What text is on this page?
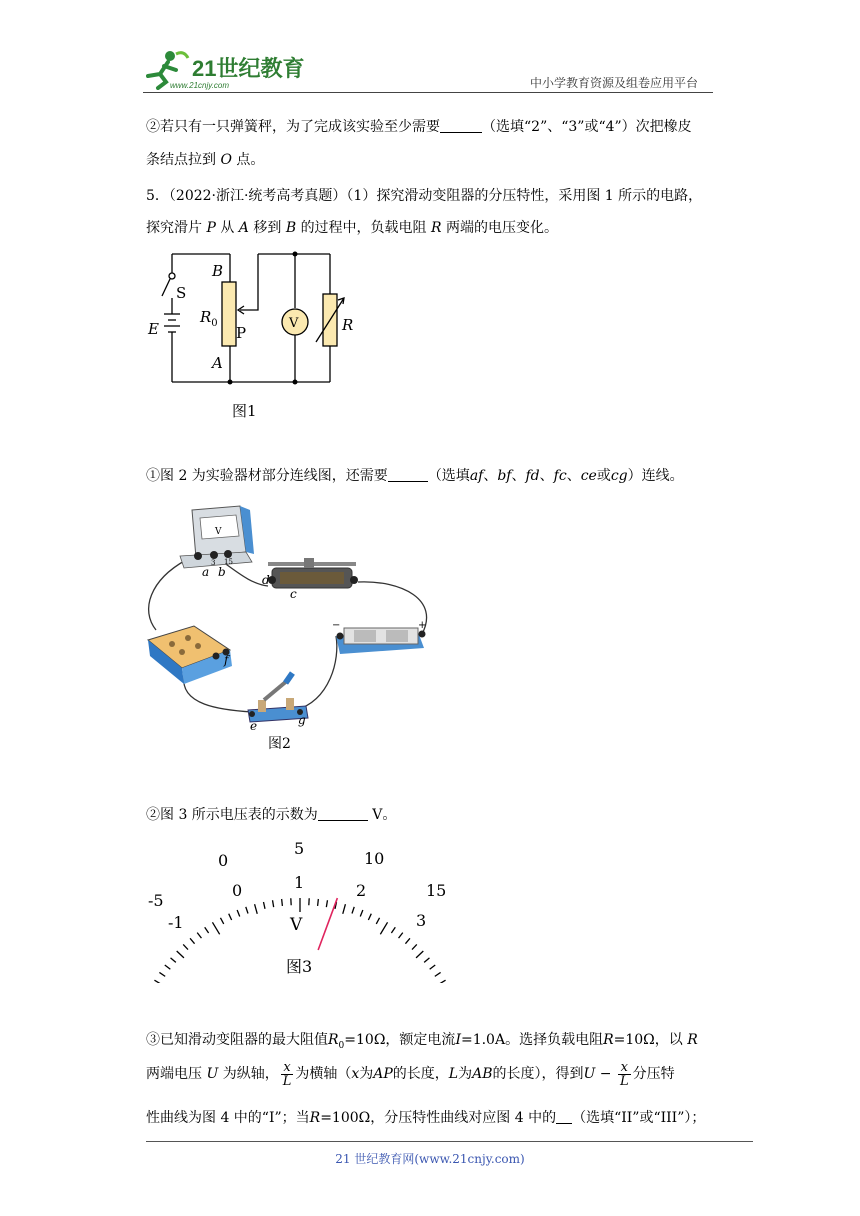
21世纪教育
www.21cnjy.com	中小学教育资源及组卷应用平台
②若只有一只弹簧秤，为了完成该实验至少需要	（选填“2”、“3”或“4”）次把橡皮
条结点拉到 O 点。
5．（2022·浙江·统考高考真题）（1）探究滑动变阻器的分压特性，采用图 1 所示的电路，
探究滑片 P 从 A 移到 B 的过程中，负载电阻 R 两端的电压变化。
B
S
$R_0$
P
E
A
V	R
图1
①图 2 为实验器材部分连线图，还需要	（选填af、bf、fd、fc、ce或cg）连线。
V
3 15
a b
d
c
−	+
f
e	g
图2
②图 3 所示电压表的示数为	V。
-5
0
5
10
15
-1
0	1	2
3
V
图3
③已知滑动变阻器的最大阻值$R_0=10\Omega$，额定电流I=1.0A。选择负载电阻R=10Ω，以 R
两端电压 U 为纵轴， $\frac{x}{L}$ 为横轴（x为AP的长度，L为AB的长度），得到$U - \frac{x}{L}$ 分压特
性曲线为图 4 中的“I”；当R=100Ω，分压特性曲线对应图 4 中的 （选填“II”或“III”）；
21 世纪教育网(www.21cnjy.com)
